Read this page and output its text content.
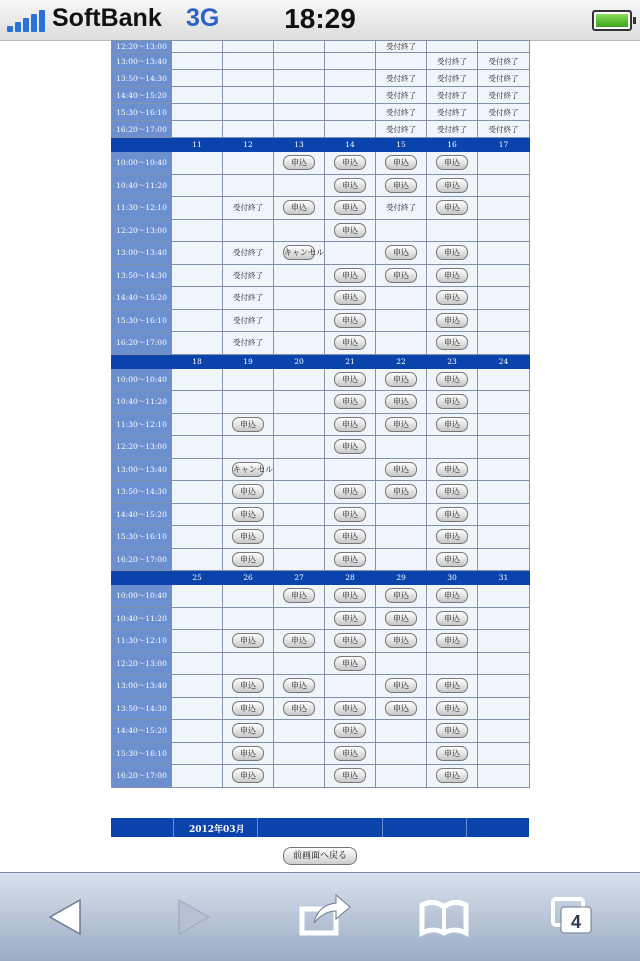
SoftBank 3G	18:29
12:20～13:00					受付終了		
13:00～13:40						受付終了	受付終了
13:50～14:30					受付終了	受付終了	受付終了
14:40～15:20					受付終了	受付終了	受付終了
15:30～16:10					受付終了	受付終了	受付終了
16:20～17:00					受付終了	受付終了	受付終了
	11	12	13	14	15	16	17
10:00～10:40			申込	申込	申込	申込	
10:40～11:20				申込	申込	申込	
11:30～12:10		受付終了	申込	申込	受付終了	申込	
12:20～13:00				申込			
13:00～13:40		受付終了	キャンセル		申込	申込	
13:50～14:30		受付終了		申込	申込	申込	
14:40～15:20		受付終了		申込		申込	
15:30～16:10		受付終了		申込		申込	
16:20～17:00		受付終了		申込		申込	
	18	19	20	21	22	23	24
10:00～10:40				申込	申込	申込	
10:40～11:20				申込	申込	申込	
11:30～12:10		申込		申込	申込	申込	
12:20～13:00				申込			
13:00～13:40		キャンセル			申込	申込	
13:50～14:30		申込		申込	申込	申込	
14:40～15:20		申込		申込		申込	
15:30～16:10		申込		申込		申込	
16:20～17:00		申込		申込		申込	
	25	26	27	28	29	30	31
10:00～10:40			申込	申込	申込	申込	
10:40～11:20				申込	申込	申込	
11:30～12:10		申込	申込	申込	申込	申込	
12:20～13:00				申込			
13:00～13:40		申込	申込		申込	申込	
13:50～14:30		申込	申込	申込	申込	申込	
14:40～15:20		申込		申込		申込	
15:30～16:10		申込		申込		申込	
16:20～17:00		申込		申込		申込	
2012年03月
前画面へ戻る
4
